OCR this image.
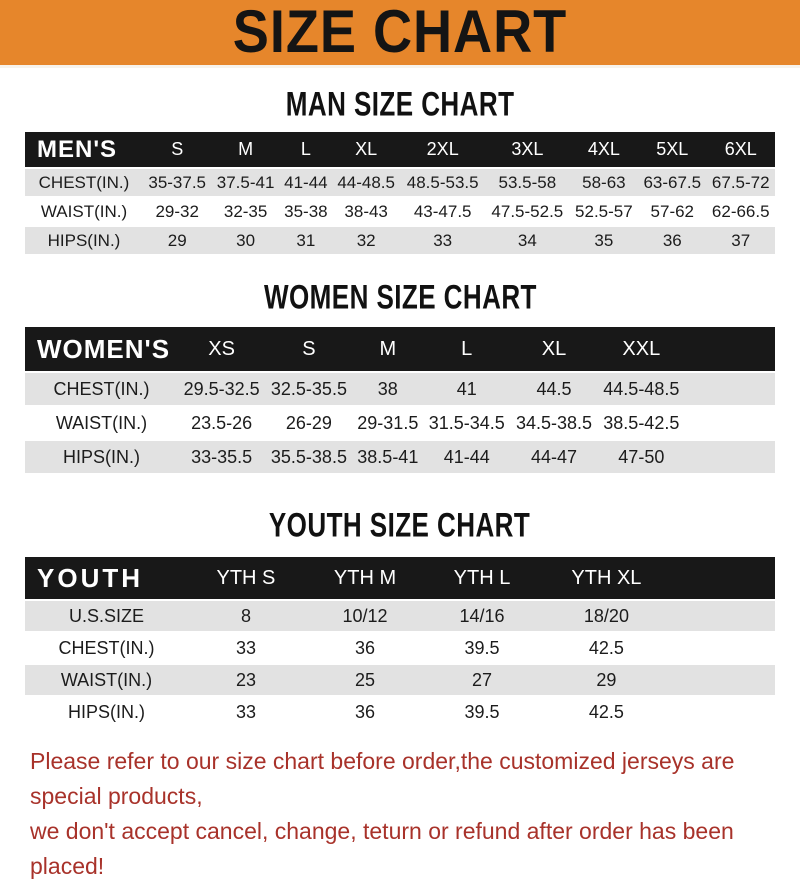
SIZE CHART
MAN SIZE CHART
MEN'S	S	M	L	XL	2XL	3XL	4XL	5XL	6XL
CHEST(IN.)	35-37.5	37.5-41	41-44	44-48.5	48.5-53.5	53.5-58	58-63	63-67.5	67.5-72
WAIST(IN.)	29-32	32-35	35-38	38-43	43-47.5	47.5-52.5	52.5-57	57-62	62-66.5
HIPS(IN.)	29	30	31	32	33	34	35	36	37
WOMEN SIZE CHART
WOMEN'S	XS	S	M	L	XL	XXL	
CHEST(IN.)	29.5-32.5	32.5-35.5	38	41	44.5	44.5-48.5	
WAIST(IN.)	23.5-26	26-29	29-31.5	31.5-34.5	34.5-38.5	38.5-42.5	
HIPS(IN.)	33-35.5	35.5-38.5	38.5-41	41-44	44-47	47-50	
YOUTH SIZE CHART
YOUTH	YTH S	YTH M	YTH L	YTH XL	
U.S.SIZE	8	10/12	14/16	18/20	
CHEST(IN.)	33	36	39.5	42.5	
WAIST(IN.)	23	25	27	29	
HIPS(IN.)	33	36	39.5	42.5	

Please refer to our size chart before order,the customized jerseys are special products,

we don't accept cancel, change, teturn or refund after order has been placed!
